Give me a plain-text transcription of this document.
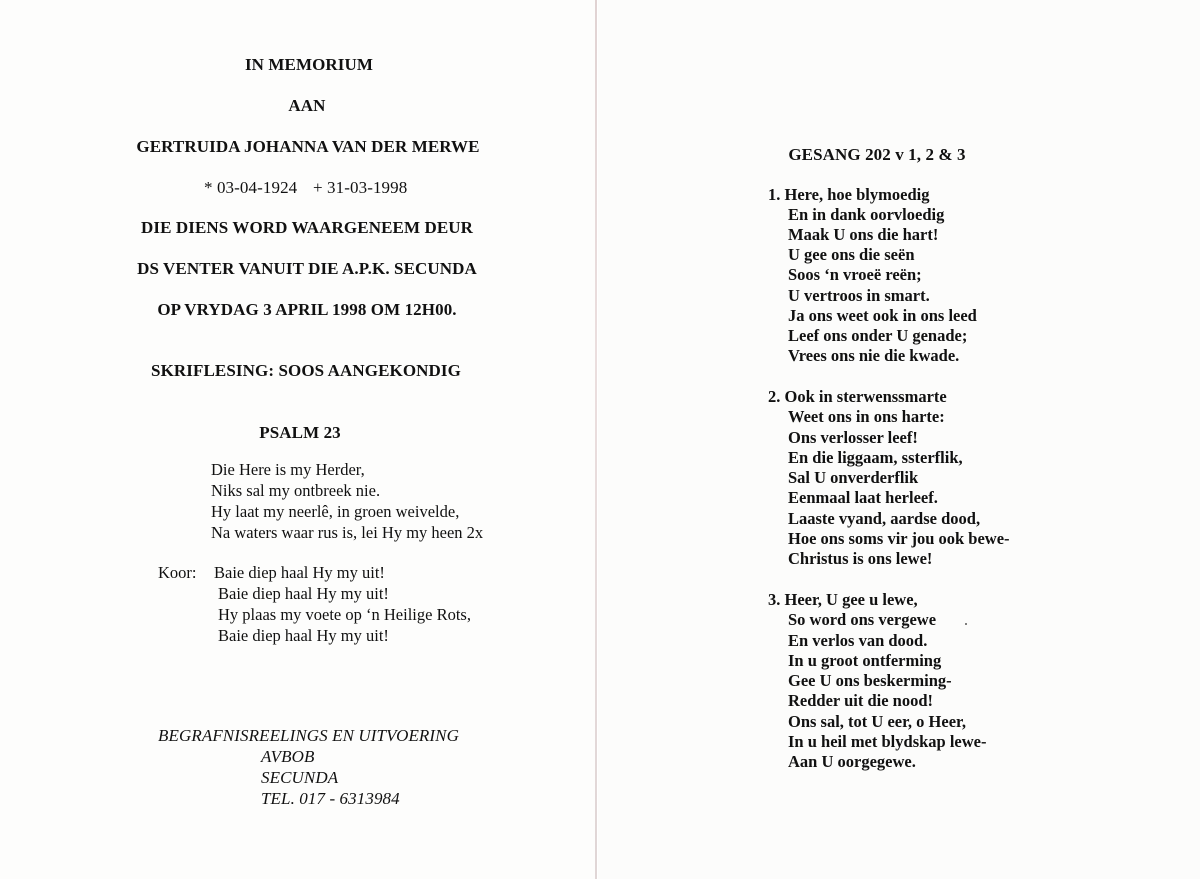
IN MEMORIUM
AAN
GERTRUIDA JOHANNA VAN DER MERWE
* 03-04-1924 + 31-03-1998
DIE DIENS WORD WAARGENEEM DEUR
DS VENTER VANUIT DIE A.P.K. SECUNDA
OP VRYDAG 3 APRIL 1998 OM 12H00.
SKRIFLESING: SOOS AANGEKONDIG
PSALM 23
Die Here is my Herder,
Niks sal my ontbreek nie.
Hy laat my neerlê, in groen weivelde,
Na waters waar rus is, lei Hy my heen 2x
Koor: Baie diep haal Hy my uit!
Baie diep haal Hy my uit!
Hy plaas my voete op ‘n Heilige Rots,
Baie diep haal Hy my uit!
BEGRAFNISREELINGS EN UITVOERING
AVBOB
SECUNDA
TEL. 017 - 6313984
GESANG 202 v 1, 2 & 3
1. Here, hoe blymoedig
En in dank oorvloedig
Maak U ons die hart!
U gee ons die seën
Soos ‘n vroeë reën;
U vertroos in smart.
Ja ons weet ook in ons leed
Leef ons onder U genade;
Vrees ons nie die kwade.
2. Ook in sterwenssmarte
Weet ons in ons harte:
Ons verlosser leef!
En die liggaam, ssterflik,
Sal U onverderflik
Eenmaal laat herleef.
Laaste vyand, aardse dood,
Hoe ons soms vir jou ook bewe-
Christus is ons lewe!
3. Heer, U gee u lewe,
So word ons vergewe
En verlos van dood.
In u groot ontferming
Gee U ons beskerming-
Redder uit die nood!
Ons sal, tot U eer, o Heer,
In u heil met blydskap lewe-
Aan U oorgegewe.
